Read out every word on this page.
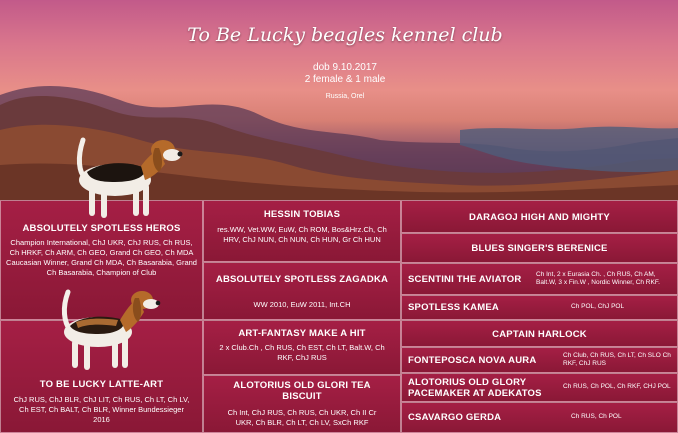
To Be Lucky beagles kennel club
dob 9.10.2017
2 female & 1 male
Russia, Orel
ABSOLUTELY SPOTLESS HEROS
Champion International, ChJ UKR, ChJ RUS, Ch RUS, Ch HRKF, Ch ARM, Ch GEO, Grand Ch GEO, Ch MDA Caucasian Winner, Grand Ch MDA, Ch Basarabia, Grand Ch Basarabia, Champion of Club
TO BE LUCKY LATTE-ART
ChJ RUS, ChJ BLR, ChJ LIT, Ch RUS, Ch LT, Ch LV, Ch EST, Ch BALT, Ch BLR, Winner Bundessieger 2016
HESSIN TOBIAS
res.WW, Vet.WW, EuW, Ch ROM, Bos&Hrz.Ch, Ch HRV, ChJ NUN, Ch NUN, Ch HUN, Gr Ch HUN
ABSOLUTELY SPOTLESS ZAGADKA
WW 2010, EuW 2011, Int.CH
ART-FANTASY MAKE A HIT
2 x Club.Ch , Ch RUS, Ch EST, Ch LT, Balt.W, Ch RKF, ChJ RUS
ALOTORIUS OLD GLORI TEA BISCUIT
Ch Int, ChJ RUS, Ch RUS, Ch UKR, Ch II Cr UKR, Ch BLR, Ch LT, Ch LV, SxCh RKF
DARAGOJ HIGH AND MIGHTY
BLUES SINGER'S BERENICE
SCENTINI THE AVIATOR	Ch Int, 2 x Eurasia Ch. , Ch RUS, Ch AM, Balt.W, 3 x Fin.W , Nordic Winner, Ch RKF.
SPOTLESS KAMEA	Ch POL, ChJ POL
CAPTAIN HARLOCK
FONTEPOSCA NOVA AURA	Ch Club, Ch RUS, Ch LT, Ch SLO Ch RKF, ChJ RUS
ALOTORIUS OLD GLORY PACEMAKER AT ADEKATOS
Ch RUS, Ch POL, Ch RKF, CHJ POL
CSAVARGO GERDA	Ch RUS, Ch POL
